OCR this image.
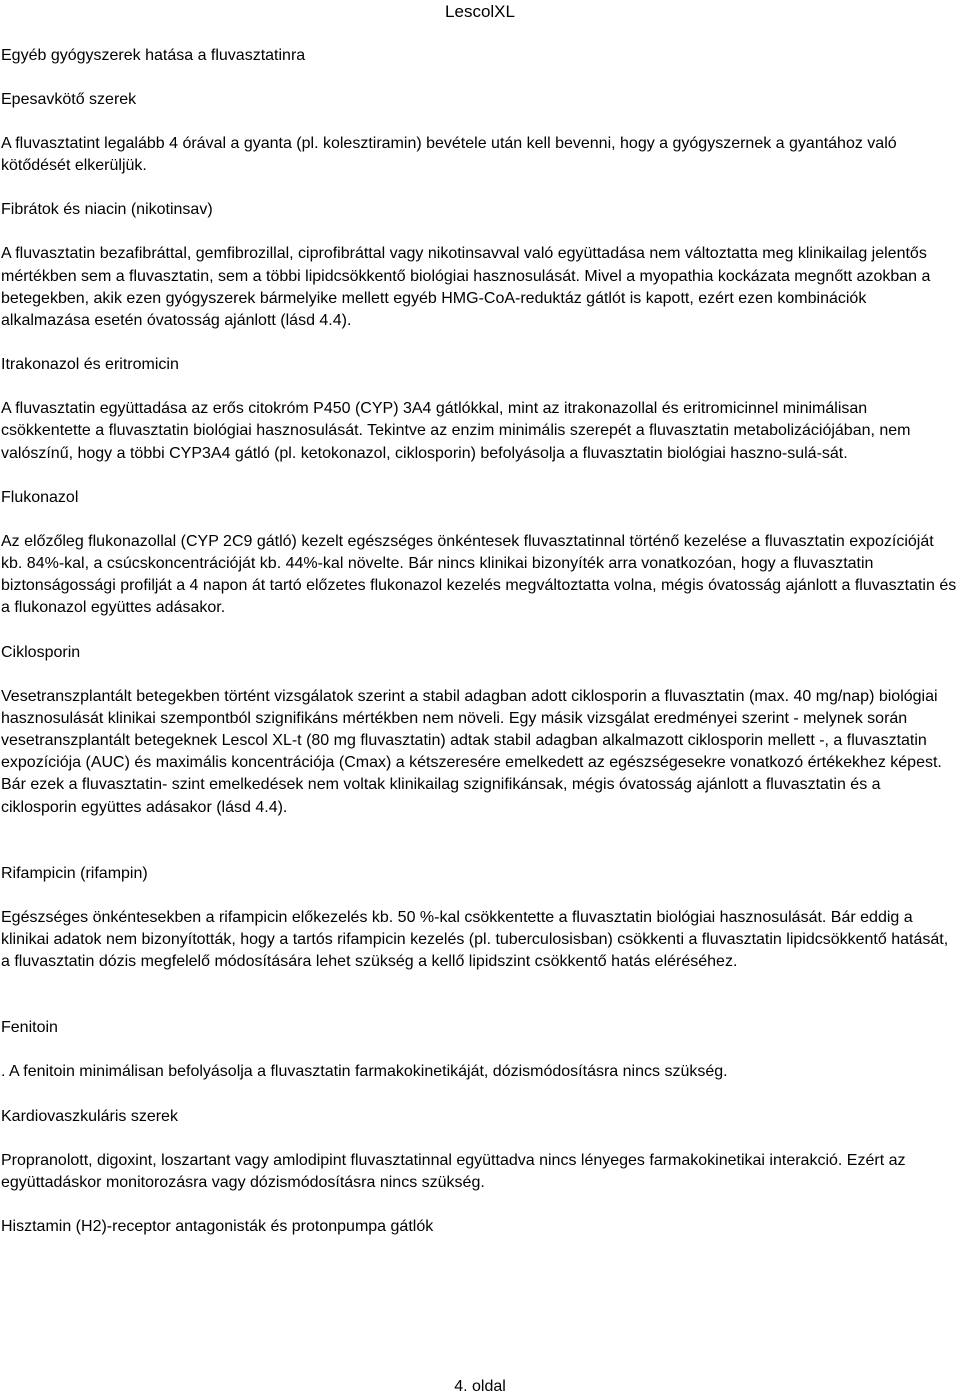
LescolXL

Egyéb gyógyszerek hatása a fluvasztatinra

Epesavkötő szerek

A fluvasztatint legalább 4 órával a gyanta (pl. kolesztiramin) bevétele után kell bevenni, hogy a gyógyszernek a gyantához való kötődését elkerüljük.

Fibrátok és niacin (nikotinsav)

A fluvasztatin bezafibráttal, gemfibrozillal, ciprofibráttal vagy nikotinsavval való együttadása nem változtatta meg klinikailag jelentős mértékben sem a fluvasztatin, sem a többi lipidcsökkentő biológiai hasznosulását. Mivel a myopathia kockázata megnőtt azokban a betegekben, akik ezen gyógyszerek bármelyike mellett egyéb HMG-CoA-reduktáz gátlót is kapott, ezért ezen kombinációk alkalmazása esetén óvatosság ajánlott (lásd 4.4).

Itrakonazol és eritromicin

A fluvasztatin együttadása az erős citokróm P450 (CYP) 3A4 gátlókkal, mint az itrakonazollal és eritromicinnel minimálisan csökkentette a fluvasztatin biológiai hasznosulását. Tekintve az enzim minimális szerepét a fluvasztatin metabolizációjában, nem valószínű, hogy a többi CYP3A4 gátló (pl. ketokonazol, ciklosporin) befolyásolja a fluvasztatin biológiai haszno-sulá-sát.

Flukonazol

Az előzőleg flukonazollal (CYP 2C9 gátló) kezelt egészséges önkéntesek fluvasztatinnal történő kezelése a fluvasztatin expozícióját kb. 84%-kal, a csúcskoncentrációját kb. 44%-kal növelte. Bár nincs klinikai bizonyíték arra vonatkozóan, hogy a fluvasztatin biztonságossági profilját a 4 napon át tartó előzetes flukonazol kezelés megváltoztatta volna, mégis óvatosság ajánlott a fluvasztatin és a flukonazol együttes adásakor.

Ciklosporin

Vesetranszplantált betegekben történt vizsgálatok szerint a stabil adagban adott ciklosporin a fluvasztatin (max. 40 mg/nap) biológiai hasznosulását klinikai szempontból szignifikáns mértékben nem növeli. Egy másik vizsgálat eredményei szerint - melynek során vesetranszplantált betegeknek Lescol XL-t (80 mg fluvasztatin) adtak stabil adagban alkalmazott ciklosporin mellett -, a fluvasztatin expozíciója (AUC) és maximális koncentrációja (Cmax) a kétszeresére emelkedett az egészségesekre vonatkozó értékekhez képest. Bár ezek a fluvasztatin- szint emelkedések nem voltak klinikailag szignifikánsak, mégis óvatosság ajánlott a fluvasztatin és a ciklosporin együttes adásakor (lásd 4.4).

Rifampicin (rifampin)

Egészséges önkéntesekben a rifampicin előkezelés kb. 50 %-kal csökkentette a fluvasztatin biológiai hasznosulását. Bár eddig a klinikai adatok nem bizonyították, hogy a tartós rifampicin kezelés (pl. tuberculosisban) csökkenti a fluvasztatin lipidcsökkentő hatását, a fluvasztatin dózis megfelelő módosítására lehet szükség a kellő lipidszint csökkentő hatás eléréséhez.

Fenitoin

. A fenitoin minimálisan befolyásolja a fluvasztatin farmakokinetikáját, dózismódosításra nincs szükség.

Kardiovaszkuláris szerek

Propranolott, digoxint, loszartant vagy amlodipint fluvasztatinnal együttadva nincs lényeges farmakokinetikai interakció. Ezért az együttadáskor monitorozásra vagy dózismódosításra nincs szükség.

Hisztamin (H2)-receptor antagonisták és protonpumpa gátlók

4. oldal
